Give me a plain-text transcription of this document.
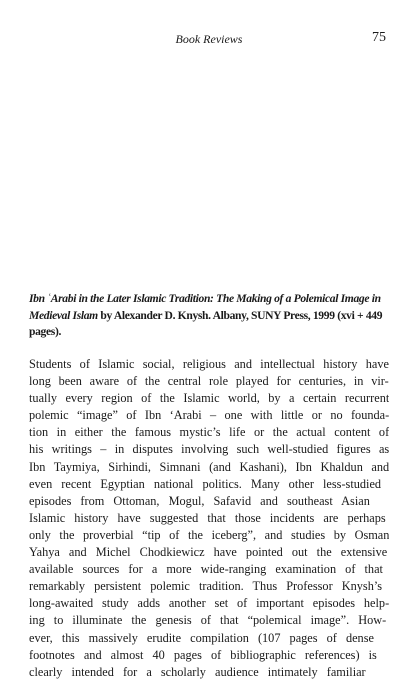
Book Reviews	75
Ibn ʿArabi in the Later Islamic Tradition: The Making of a Polemical Image in Medieval Islam by Alexander D. Knysh. Albany, SUNY Press, 1999 (xvi + 449 pages).
Students of Islamic social, religious and intellectual history have
long been aware of the central role played for centuries, in vir-
tually every region of the Islamic world, by a certain recurrent
polemic “image” of Ibn ‘Arabi – one with little or no founda-
tion in either the famous mystic’s life or the actual content of
his writings – in disputes involving such well-studied figures as
Ibn Taymiya, Sirhindi, Simnani (and Kashani), Ibn Khaldun and
even recent Egyptian national politics. Many other less-studied
episodes from Ottoman, Mogul, Safavid and southeast Asian
Islamic history have suggested that those incidents are perhaps
only the proverbial “tip of the iceberg”, and studies by Osman
Yahya and Michel Chodkiewicz have pointed out the extensive
available sources for a more wide-ranging examination of that
remarkably persistent polemic tradition. Thus Professor Knysh’s
long-awaited study adds another set of important episodes help-
ing to illuminate the genesis of that “polemical image”. How-
ever, this massively erudite compilation (107 pages of dense
footnotes and almost 40 pages of bibliographic references) is
clearly intended for a scholarly audience intimately familiar
